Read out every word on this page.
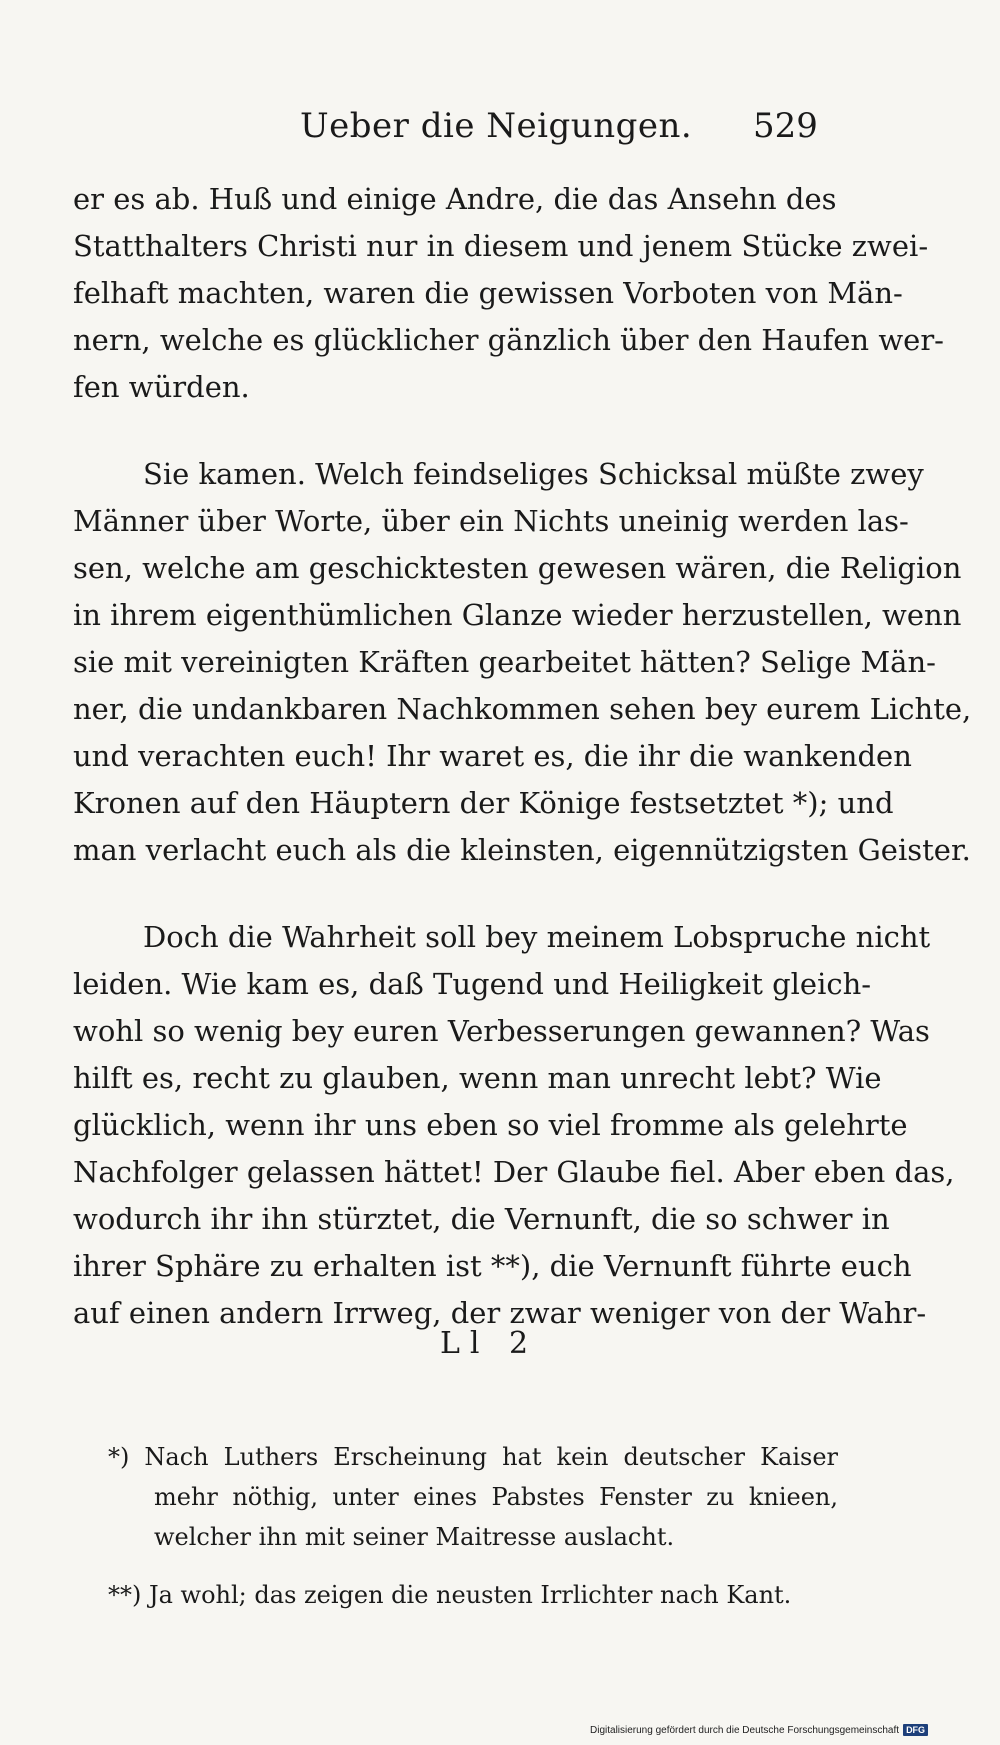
Ueber die Neigungen. 529
er es ab. Huß und einige Andre, die das Ansehn des
Statthalters Christi nur in diesem und jenem Stücke zwei-
felhaft machten, waren die gewissen Vorboten von Män-
nern, welche es glücklicher gänzlich über den Haufen wer-
fen würden.
Sie kamen. Welch feindseliges Schicksal müßte zwey
Männer über Worte, über ein Nichts uneinig werden las-
sen, welche am geschicktesten gewesen wären, die Religion
in ihrem eigenthümlichen Glanze wieder herzustellen, wenn
sie mit vereinigten Kräften gearbeitet hätten? Selige Män-
ner, die undankbaren Nachkommen sehen bey eurem Lichte,
und verachten euch! Ihr waret es, die ihr die wankenden
Kronen auf den Häuptern der Könige festsetztet *); und
man verlacht euch als die kleinsten, eigennützigsten Geister.
Doch die Wahrheit soll bey meinem Lobspruche nicht
leiden. Wie kam es, daß Tugend und Heiligkeit gleich-
wohl so wenig bey euren Verbesserungen gewannen? Was
hilft es, recht zu glauben, wenn man unrecht lebt? Wie
glücklich, wenn ihr uns eben so viel fromme als gelehrte
Nachfolger gelassen hättet! Der Glaube fiel. Aber eben das,
wodurch ihr ihn stürztet, die Vernunft, die so schwer in
ihrer Sphäre zu erhalten ist **), die Vernunft führte euch
auf einen andern Irrweg, der zwar weniger von der Wahr-
Ll 2
*) Nach Luthers Erscheinung hat kein deutscher Kaiser
mehr nöthig, unter eines Pabstes Fenster zu knieen,
welcher ihn mit seiner Maitresse auslacht.
**) Ja wohl; das zeigen die neusten Irrlichter nach Kant.
Digitalisierung gefördert durch die Deutsche Forschungsgemeinschaft DFG
